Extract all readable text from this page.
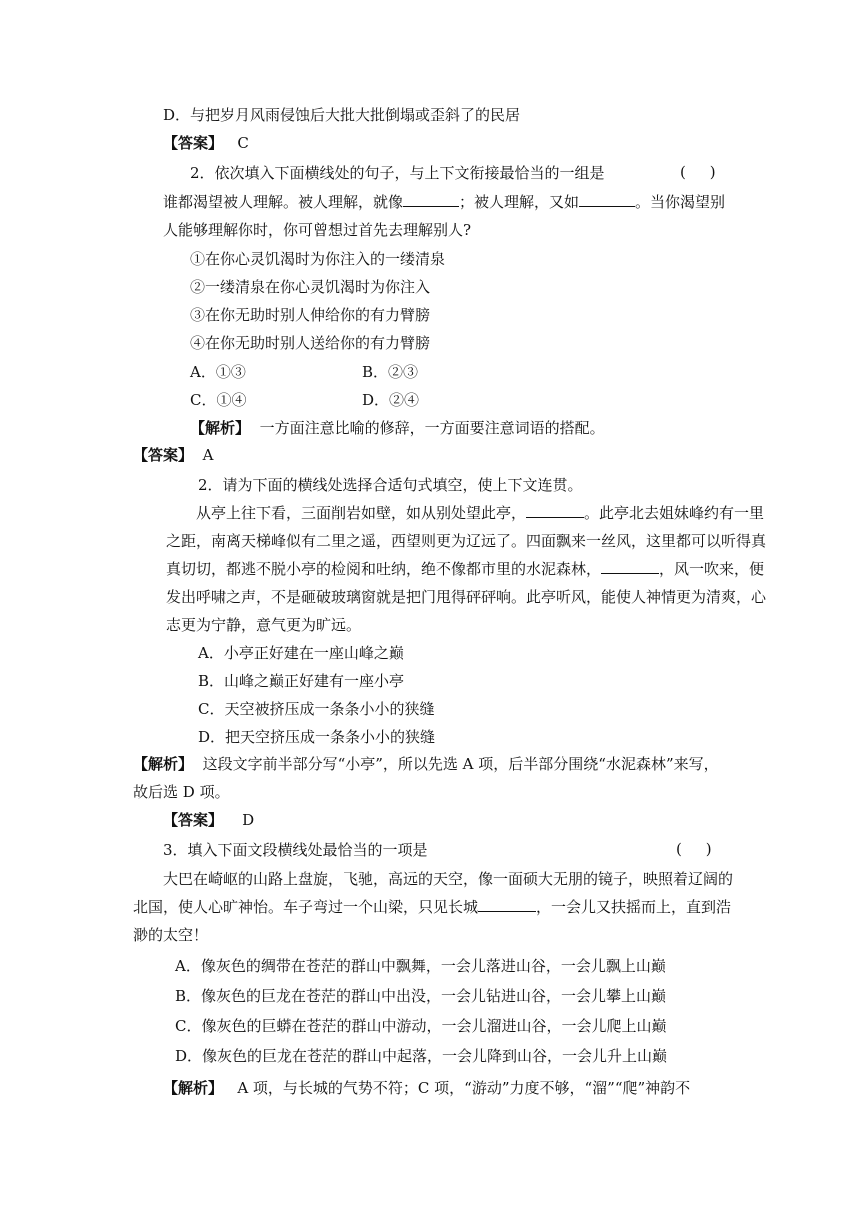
D．与把岁月风雨侵蚀后大批大批倒塌或歪斜了的民居
【答案】 C
2．依次填入下面横线处的句子，与上下文衔接最恰当的一组是	(     )
谁都渴望被人理解。被人理解，就像	；被人理解，又如	。当你渴望别
人能够理解你时，你可曾想过首先去理解别人?
①在你心灵饥渴时为你注入的一缕清泉
②一缕清泉在你心灵饥渴时为你注入
③在你无助时别人伸给你的有力臂膀
④在你无助时别人送给你的有力臂膀
A．①③	B．②③
C．①④	D．②④
【解析】 一方面注意比喻的修辞，一方面要注意词语的搭配。
【答案】 A
2．请为下面的横线处选择合适句式填空，使上下文连贯。
从亭上往下看，三面削岩如壁，如从别处望此亭，	。此亭北去姐妹峰约有一里
之距，南离天梯峰似有二里之遥，西望则更为辽远了。四面飘来一丝风，这里都可以听得真
真切切，都逃不脱小亭的检阅和吐纳，绝不像都市里的水泥森林，	，风一吹来，便
发出呼啸之声，不是砸破玻璃窗就是把门甩得砰砰响。此亭听风，能使人神情更为清爽，心
志更为宁静，意气更为旷远。
A．小亭正好建在一座山峰之巅
B．山峰之巅正好建有一座小亭
C．天空被挤压成一条条小小的狭缝
D．把天空挤压成一条条小小的狭缝
【解析】 这段文字前半部分写“小亭”，所以先选 A 项，后半部分围绕“水泥森林”来写，
故后选 D 项。
【答案】 D
3．填入下面文段横线处最恰当的一项是	(     )
大巴在崎岖的山路上盘旋，飞驰，高远的天空，像一面硕大无朋的镜子，映照着辽阔的
北国，使人心旷神怡。车子弯过一个山梁，只见长城	，一会儿又扶摇而上，直到浩
渺的太空！
A．像灰色的绸带在苍茫的群山中飘舞，一会儿落进山谷，一会儿飘上山巅
B．像灰色的巨龙在苍茫的群山中出没，一会儿钻进山谷，一会儿攀上山巅
C．像灰色的巨蟒在苍茫的群山中游动，一会儿溜进山谷，一会儿爬上山巅
D．像灰色的巨龙在苍茫的群山中起落，一会儿降到山谷，一会儿升上山巅
【解析】 A 项，与长城的气势不符；C 项，“游动”力度不够，“溜”“爬”神韵不
